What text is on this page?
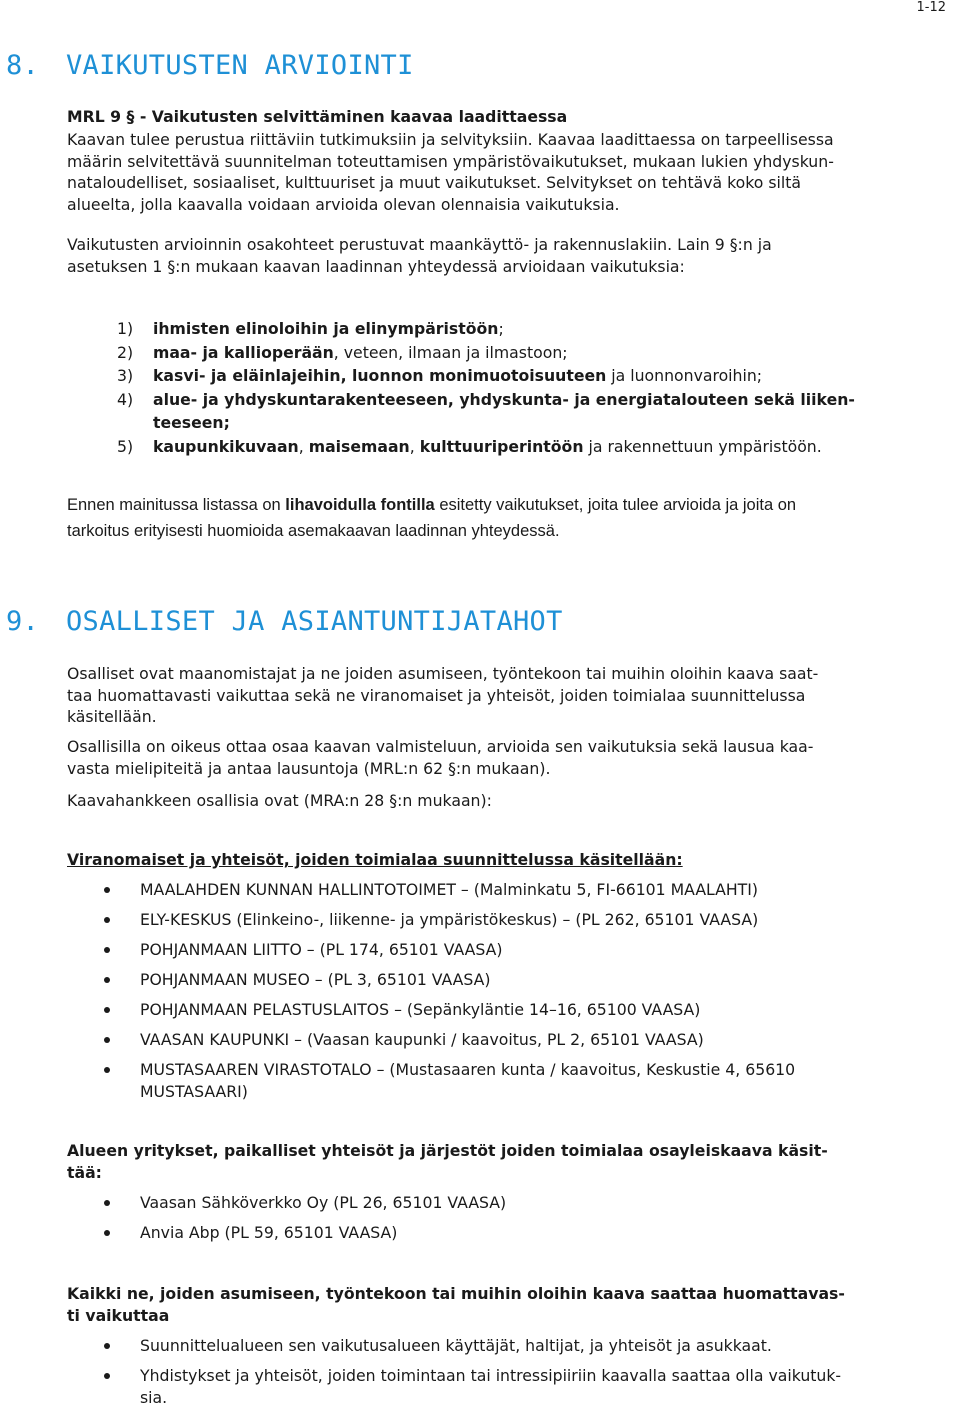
1-12
8. VAIKUTUSTEN ARVIOINTI
MRL 9 § - Vaikutusten selvittäminen kaavaa laadittaessa
Kaavan tulee perustua riittäviin tutkimuksiin ja selvityksiin. Kaavaa laadittaessa on tarpeellisessa
määrin selvitettävä suunnitelman toteuttamisen ympäristövaikutukset, mukaan lukien yhdyskun-
nataloudelliset, sosiaaliset, kulttuuriset ja muut vaikutukset. Selvitykset on tehtävä koko siltä
alueelta, jolla kaavalla voidaan arvioida olevan olennaisia vaikutuksia.
Vaikutusten arvioinnin osakohteet perustuvat maankäyttö- ja rakennuslakiin. Lain 9 §:n ja
asetuksen 1 §:n mukaan kaavan laadinnan yhteydessä arvioidaan vaikutuksia:
1)	ihmisten elinoloihin ja elinympäristöön;
2)	maa- ja kallioperään, veteen, ilmaan ja ilmastoon;
3)	kasvi- ja eläinlajeihin, luonnon monimuotoisuuteen ja luonnonvaroihin;
4)	alue- ja yhdyskuntarakenteeseen, yhdyskunta- ja energiatalouteen sekä liiken-
teeseen;
5)	kaupunkikuvaan, maisemaan, kulttuuriperintöön ja rakennettuun ympäristöön.
Ennen mainitussa listassa on lihavoidulla fontilla esitetty vaikutukset, joita tulee arvioida ja joita on
tarkoitus erityisesti huomioida asemakaavan laadinnan yhteydessä.
9. OSALLISET JA ASIANTUNTIJATAHOT
Osalliset ovat maanomistajat ja ne joiden asumiseen, työntekoon tai muihin oloihin kaava saat-
taa huomattavasti vaikuttaa sekä ne viranomaiset ja yhteisöt, joiden toimialaa suunnittelussa
käsitellään.
Osallisilla on oikeus ottaa osaa kaavan valmisteluun, arvioida sen vaikutuksia sekä lausua kaa-
vasta mielipiteitä ja antaa lausuntoja (MRL:n 62 §:n mukaan).
Kaavahankkeen osallisia ovat (MRA:n 28 §:n mukaan):
Viranomaiset ja yhteisöt, joiden toimialaa suunnittelussa käsitellään:
MAALAHDEN KUNNAN HALLINTOTOIMET – (Malminkatu 5, FI-66101 MAALAHTI)
ELY-KESKUS (Elinkeino-, liikenne- ja ympäristökeskus) – (PL 262, 65101 VAASA)
POHJANMAAN LIITTO – (PL 174, 65101 VAASA)
POHJANMAAN MUSEO – (PL 3, 65101 VAASA)
POHJANMAAN PELASTUSLAITOS – (Sepänkyläntie 14–16, 65100 VAASA)
VAASAN KAUPUNKI – (Vaasan kaupunki / kaavoitus, PL 2, 65101 VAASA)
MUSTASAAREN VIRASTOTALO – (Mustasaaren kunta / kaavoitus, Keskustie 4, 65610
MUSTASAARI)
Alueen yritykset, paikalliset yhteisöt ja järjestöt joiden toimialaa osayleiskaava käsit-
tää:
Vaasan Sähköverkko Oy (PL 26, 65101 VAASA)
Anvia Abp (PL 59, 65101 VAASA)
Kaikki ne, joiden asumiseen, työntekoon tai muihin oloihin kaava saattaa huomattavas-
ti vaikuttaa
Suunnittelualueen sen vaikutusalueen käyttäjät, haltijat, ja yhteisöt ja asukkaat.
Yhdistykset ja yhteisöt, joiden toimintaan tai intressipiiriin kaavalla saattaa olla vaikutuk-
sia.
